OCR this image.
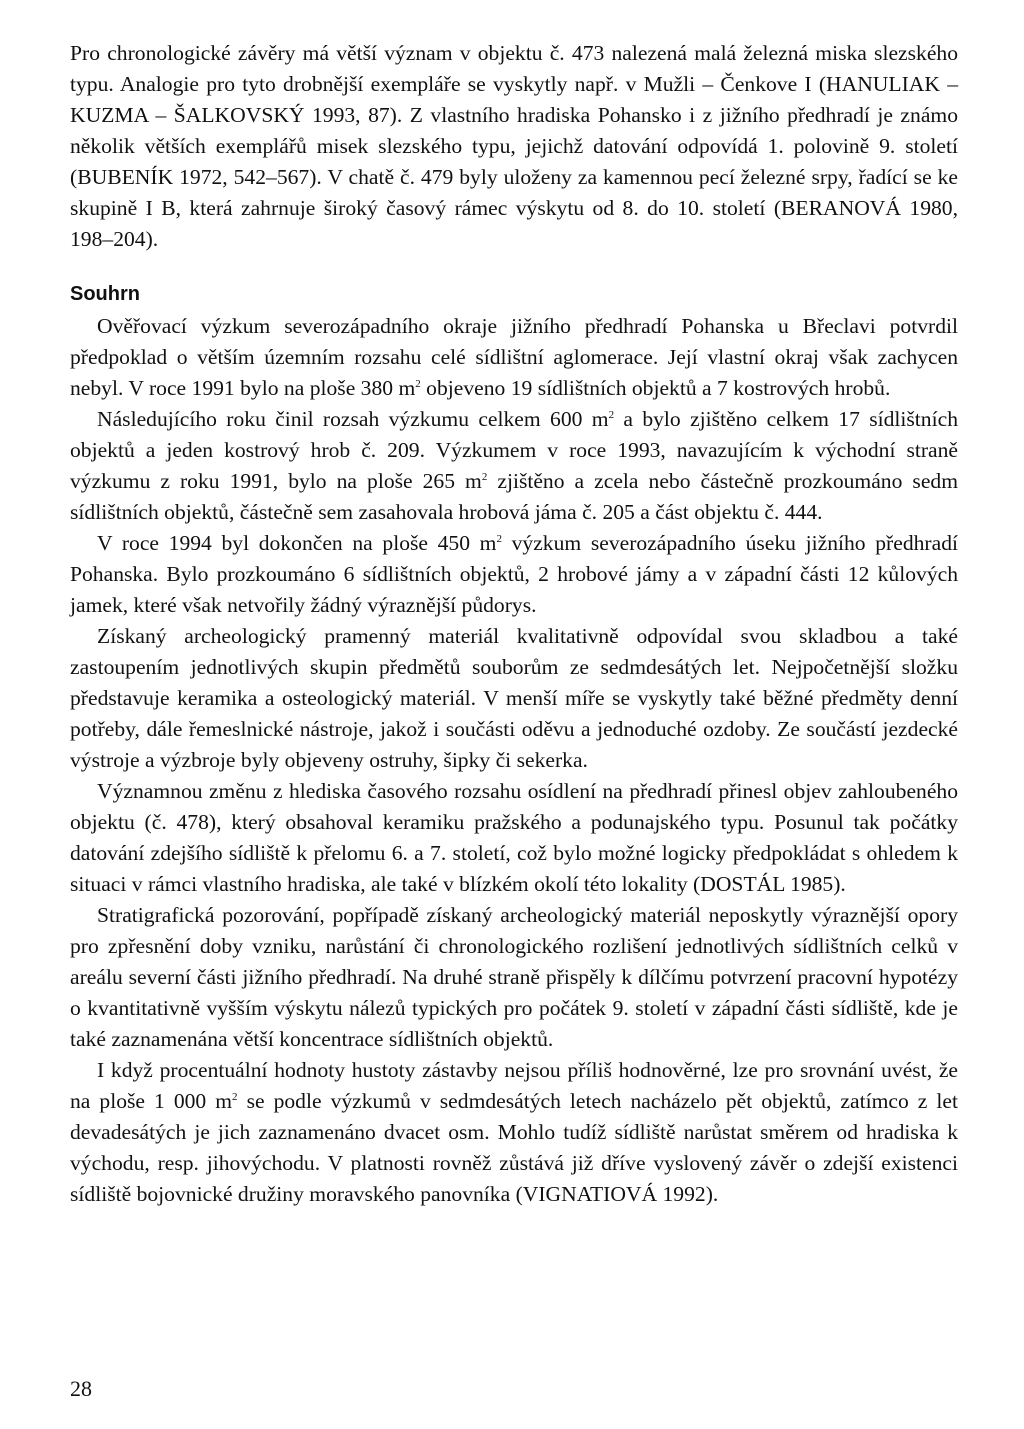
Pro chronologické závěry má větší význam v objektu č. 473 nalezená malá železná miska slezského typu. Analogie pro tyto drobnější exempláře se vyskytly např. v Mužli – Čenkove I (HANULIAK – KUZMA – ŠALKOVSKÝ 1993, 87). Z vlastního hradiska Pohansko i z jižního předhradí je známo několik větších exemplářů misek slezského typu, jejichž datování odpovídá 1. polovině 9. století (BUBENÍK 1972, 542–567). V chatě č. 479 byly uloženy za kamennou pecí železné srpy, řadící se ke skupině I B, která zahrnuje široký časový rámec výskytu od 8. do 10. století (BERANOVÁ 1980, 198–204).

Souhrn

Ověřovací výzkum severozápadního okraje jižního předhradí Pohanska u Břeclavi potvrdil předpoklad o větším územním rozsahu celé sídlištní aglomerace. Její vlastní okraj však zachycen nebyl. V roce 1991 bylo na ploše 380 $m^2$ objeveno 19 sídlištních objektů a 7 kostrových hrobů.

Následujícího roku činil rozsah výzkumu celkem 600 $m^2$ a bylo zjištěno celkem 17 sídlištních objektů a jeden kostrový hrob č. 209. Výzkumem v roce 1993, navazujícím k východní straně výzkumu z roku 1991, bylo na ploše 265 $m^2$ zjištěno a zcela nebo částečně prozkoumáno sedm sídlištních objektů, částečně sem zasahovala hrobová jáma č. 205 a část objektu č. 444.

V roce 1994 byl dokončen na ploše 450 $m^2$ výzkum severozápadního úseku jižního předhradí Pohanska. Bylo prozkoumáno 6 sídlištních objektů, 2 hrobové jámy a v západní části 12 kůlových jamek, které však netvořily žádný výraznější půdorys.

Získaný archeologický pramenný materiál kvalitativně odpovídal svou skladbou a také zastoupením jednotlivých skupin předmětů souborům ze sedmdesátých let. Nejpočetnější složku představuje keramika a osteologický materiál. V menší míře se vyskytly také běžné předměty denní potřeby, dále řemeslnické nástroje, jakož i součásti oděvu a jednoduché ozdoby. Ze součástí jezdecké výstroje a výzbroje byly objeveny ostruhy, šipky či sekerka.

Významnou změnu z hlediska časového rozsahu osídlení na předhradí přinesl objev zahloubeného objektu (č. 478), který obsahoval keramiku pražského a podunajského typu. Posunul tak počátky datování zdejšího sídliště k přelomu 6. a 7. století, což bylo možné logicky předpokládat s ohledem k situaci v rámci vlastního hradiska, ale také v blízkém okolí této lokality (DOSTÁL 1985).

Stratigrafická pozorování, popřípadě získaný archeologický materiál neposkytly výraznější opory pro zpřesnění doby vzniku, narůstání či chronologického rozlišení jednotlivých sídlištních celků v areálu severní části jižního předhradí. Na druhé straně přispěly k dílčímu potvrzení pracovní hypotézy o kvantitativně vyšším výskytu nálezů typických pro počátek 9. století v západní části sídliště, kde je také zaznamenána větší koncentrace sídlištních objektů.

I když procentuální hodnoty hustoty zástavby nejsou příliš hodnověrné, lze pro srovnání uvést, že na ploše 1 000 $m^2$ se podle výzkumů v sedmdesátých letech nacházelo pět objektů, zatímco z let devadesátých je jich zaznamenáno dvacet osm. Mohlo tudíž sídliště narůstat směrem od hradiska k východu, resp. jihovýchodu. V platnosti rovněž zůstává již dříve vyslovený závěr o zdejší existenci sídliště bojovnické družiny moravského panovníka (VIGNATIOVÁ 1992).

28
